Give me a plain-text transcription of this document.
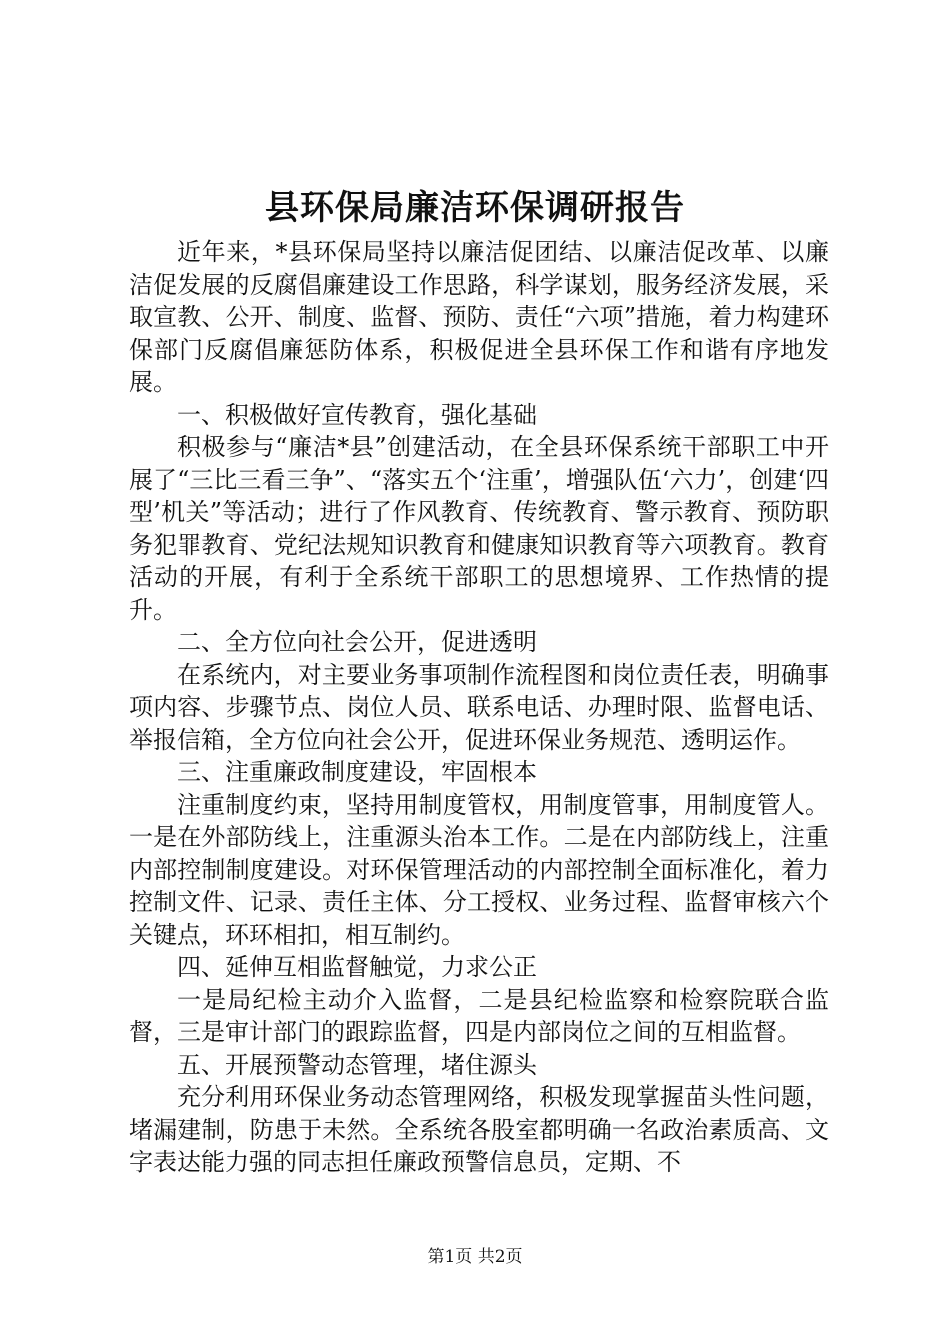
县环保局廉洁环保调研报告

近年来，*县环保局坚持以廉洁促团结、以廉洁促改革、以廉洁促发展的反腐倡廉建设工作思路，科学谋划，服务经济发展，采取宣教、公开、制度、监督、预防、责任“六项”措施，着力构建环保部门反腐倡廉惩防体系，积极促进全县环保工作和谐有序地发展。

一、积极做好宣传教育，强化基础

积极参与“廉洁*县”创建活动，在全县环保系统干部职工中开展了“三比三看三争”、“落实五个‘注重’，增强队伍‘六力’，创建‘四型’机关”等活动；进行了作风教育、传统教育、警示教育、预防职务犯罪教育、党纪法规知识教育和健康知识教育等六项教育。教育活动的开展，有利于全系统干部职工的思想境界、工作热情的提升。

二、全方位向社会公开，促进透明

在系统内，对主要业务事项制作流程图和岗位责任表，明确事项内容、步骤节点、岗位人员、联系电话、办理时限、监督电话、举报信箱，全方位向社会公开，促进环保业务规范、透明运作。

三、注重廉政制度建设，牢固根本

注重制度约束，坚持用制度管权，用制度管事，用制度管人。一是在外部防线上，注重源头治本工作。二是在内部防线上，注重内部控制制度建设。对环保管理活动的内部控制全面标准化，着力控制文件、记录、责任主体、分工授权、业务过程、监督审核六个关键点，环环相扣，相互制约。

四、延伸互相监督触觉，力求公正

一是局纪检主动介入监督，二是县纪检监察和检察院联合监督，三是审计部门的跟踪监督，四是内部岗位之间的互相监督。

五、开展预警动态管理，堵住源头

充分利用环保业务动态管理网络，积极发现掌握苗头性问题，堵漏建制，防患于未然。全系统各股室都明确一名政治素质高、文字表达能力强的同志担任廉政预警信息员，定期、不

第1页 共2页
